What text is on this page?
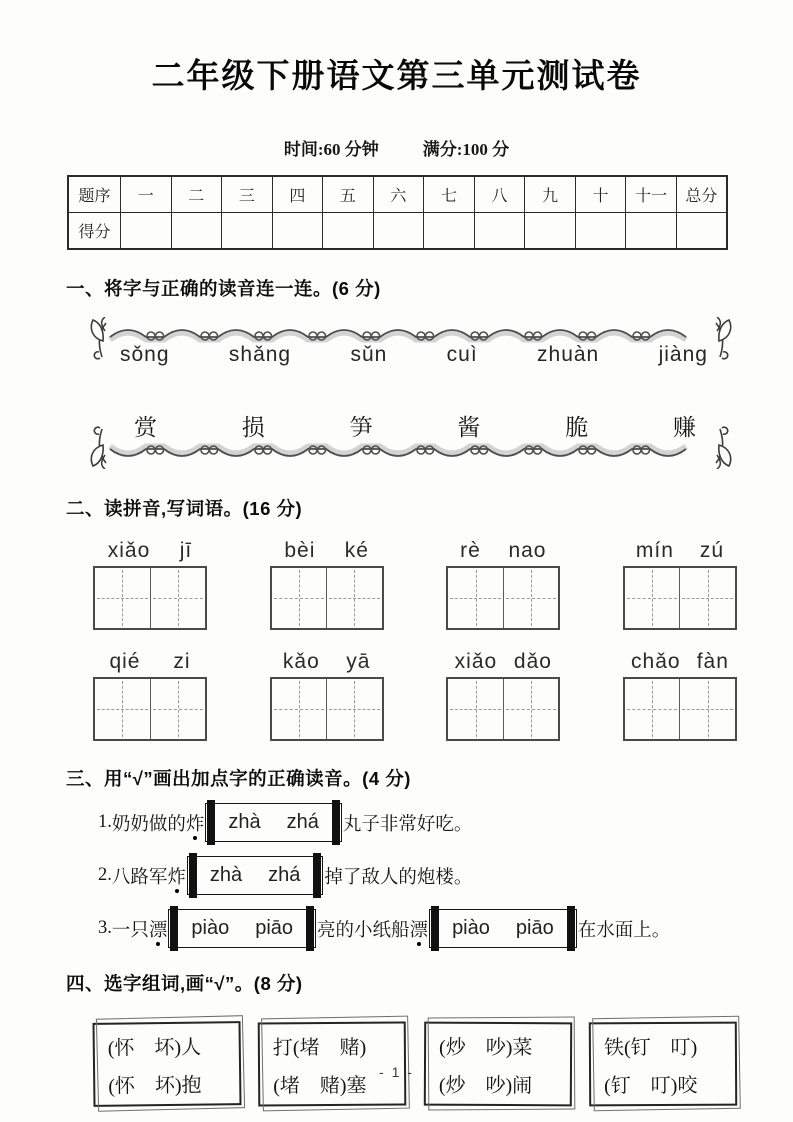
二年级下册语文第三单元测试卷
时间:60 分钟	满分:100 分
题序	一	二	三	四	五	六	七	八	九	十	十一	总分
得分												
一、将字与正确的读音连一连。(6 分)
sǒng	shǎng	sǔn	cuì	zhuàn	jiàng
赏	损	笋	酱	脆	赚
二、读拼音,写词语。(16 分)
xiǎo jī	bèi ké	rè nao	mín zú
qié zi	kǎo yā	xiǎo dǎo	chǎo fàn
三、用“√”画出加点字的正确读音。(4 分)
1. 奶奶做的 炸 zhà zhá 丸子非常好吃。
2. 八路军 炸 zhà zhá 掉了敌人的炮楼。
3. 一只 漂 piào piāo 亮的小纸船 漂 piào piāo 在水面上。
四、选字组词,画“√”。(8 分)
(怀　坏)人
(怀　坏)抱
打(堵　赌)
(堵　赌)塞
(炒　吵)菜
(炒　吵)闹
铁(钉　叮)
(钉　叮)咬
- 1 -
